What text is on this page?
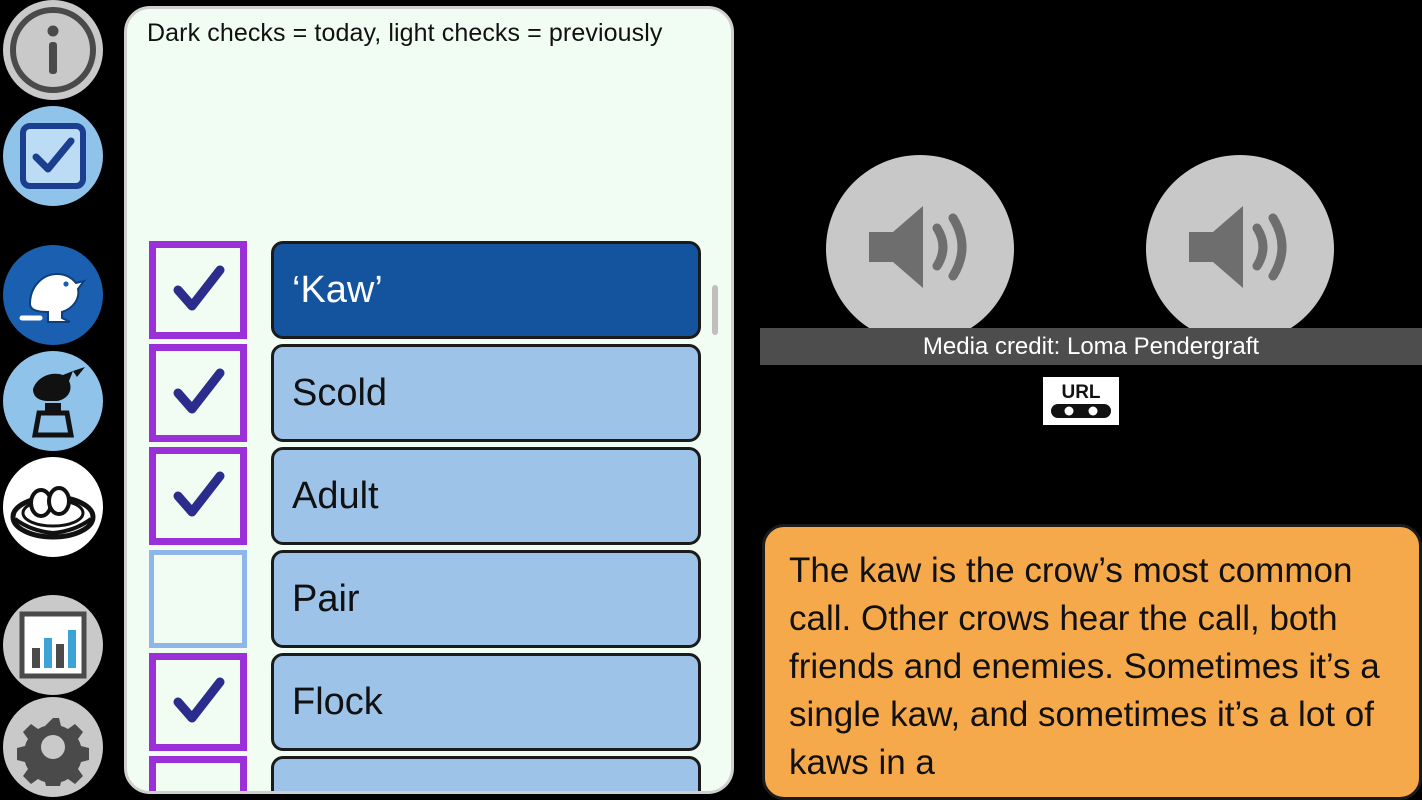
Dark checks = today, light checks = previously
‘Kaw’
Scold
Adult
Pair
Flock
Media credit: Loma Pendergraft
URL
The kaw is the crow’s most common call. Other crows hear the call, both friends and enemies. Sometimes it’s a single kaw, and sometimes it’s a lot of kaws in a
